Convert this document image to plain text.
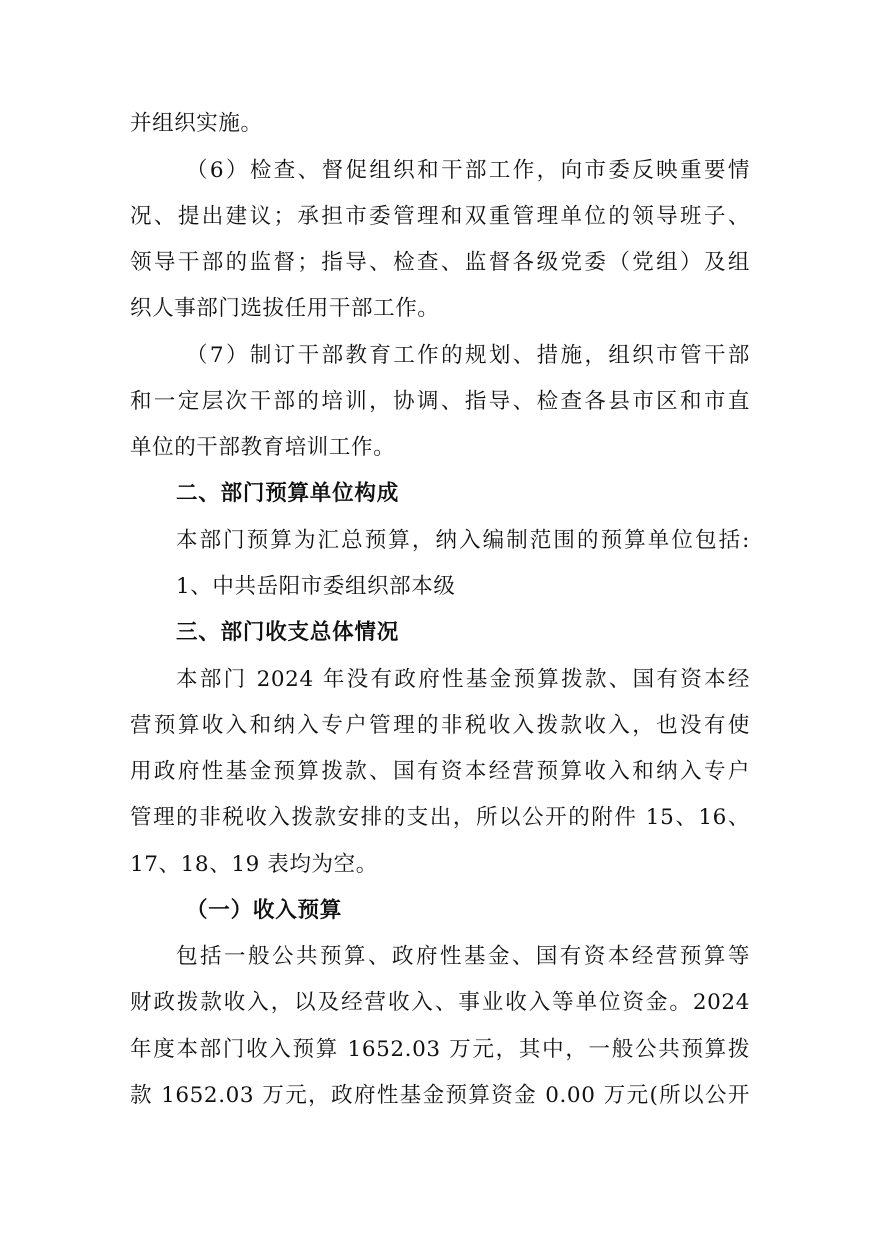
并组织实施。
（6）检查、督促组织和干部工作，向市委反映重要情
况、提出建议；承担市委管理和双重管理单位的领导班子、
领导干部的监督；指导、检查、监督各级党委（党组）及组
织人事部门选拔任用干部工作。
（7）制订干部教育工作的规划、措施，组织市管干部
和一定层次干部的培训，协调、指导、检查各县市区和市直
单位的干部教育培训工作。
二、部门预算单位构成
本部门预算为汇总预算，纳入编制范围的预算单位包括:
1、中共岳阳市委组织部本级
三、部门收支总体情况
本部门 2024 年没有政府性基金预算拨款、国有资本经
营预算收入和纳入专户管理的非税收入拨款收入，也没有使
用政府性基金预算拨款、国有资本经营预算收入和纳入专户
管理的非税收入拨款安排的支出，所以公开的附件 15、16、
17、18、19 表均为空。
（一）收入预算
包括一般公共预算、政府性基金、国有资本经营预算等
财政拨款收入，以及经营收入、事业收入等单位资金。2024
年度本部门收入预算 1652.03 万元，其中，一般公共预算拨
款 1652.03 万元，政府性基金预算资金 0.00 万元(所以公开
